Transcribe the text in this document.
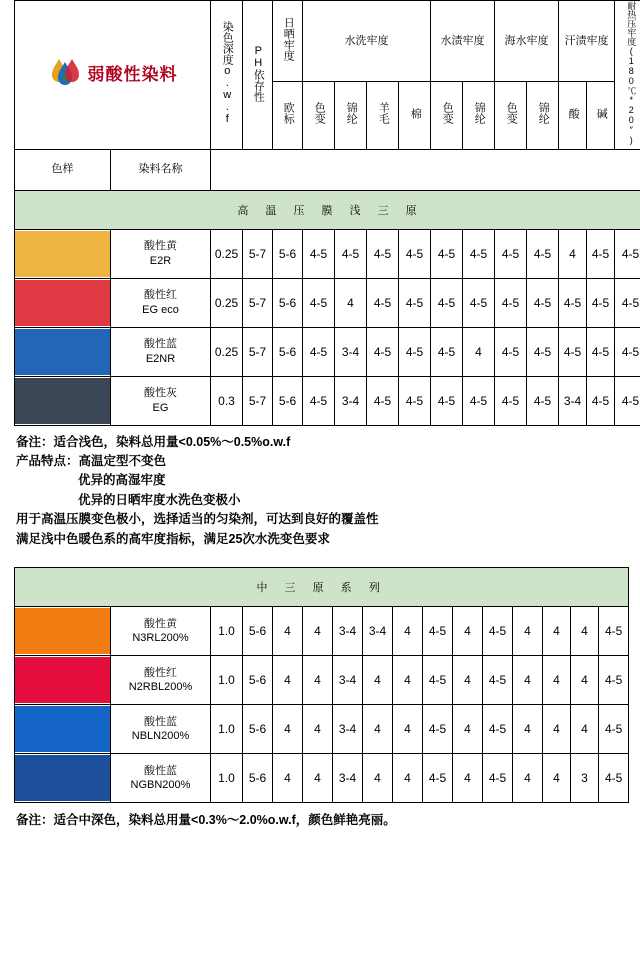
弱酸性染料		染色深度o.w.f	PH依存性	日晒牢度	水洗牢度				水渍牢度		海水牢度		汗渍牢度		耐热压牢度(180℃*20″)
				欧标	色变	锦纶	羊毛	棉	色变	锦纶	色变	锦纶	酸	碱	
色样	染料名称														
高 温 压 膜 浅 三 原															

	酸性黄
E2R	0.25	5-7	5-6	4-5	4-5	4-5	4-5	4-5	4-5	4-5	4-5	4	4-5	4-5

	酸性红
EG eco	0.25	5-7	5-6	4-5	4	4-5	4-5	4-5	4-5	4-5	4-5	4-5	4-5	4-5

	酸性蓝
E2NR	0.25	5-7	5-6	4-5	3-4	4-5	4-5	4-5	4	4-5	4-5	4-5	4-5	4-5

	酸性灰
EG	0.3	5-7	5-6	4-5	3-4	4-5	4-5	4-5	4-5	4-5	4-5	3-4	4-5	4-5
备注： 适合浅色，染料总用量<0.05%～0.5%o.w.f
产品特点： 高温定型不变色
优异的高湿牢度
优异的日晒牢度水洗色变极小
用于高温压膜变色极小，选择适当的匀染剂，可达到良好的覆盖性
满足浅中色暖色系的高牢度指标，满足25次水洗变色要求
中 三 原 系 列															

	酸性黄
N3RL200%	1.0	5-6	4	4	3-4	3-4	4	4-5	4	4-5	4	4	4	4-5

	酸性红
N2RBL200%	1.0	5-6	4	4	3-4	4	4	4-5	4	4-5	4	4	4	4-5

	酸性蓝
NBLN200%	1.0	5-6	4	4	3-4	4	4	4-5	4	4-5	4	4	4	4-5

	酸性蓝
NGBN200%	1.0	5-6	4	4	3-4	4	4	4-5	4	4-5	4	4	3	4-5
备注：适合中深色，染料总用量<0.3%～2.0%o.w.f，颜色鲜艳亮丽。
